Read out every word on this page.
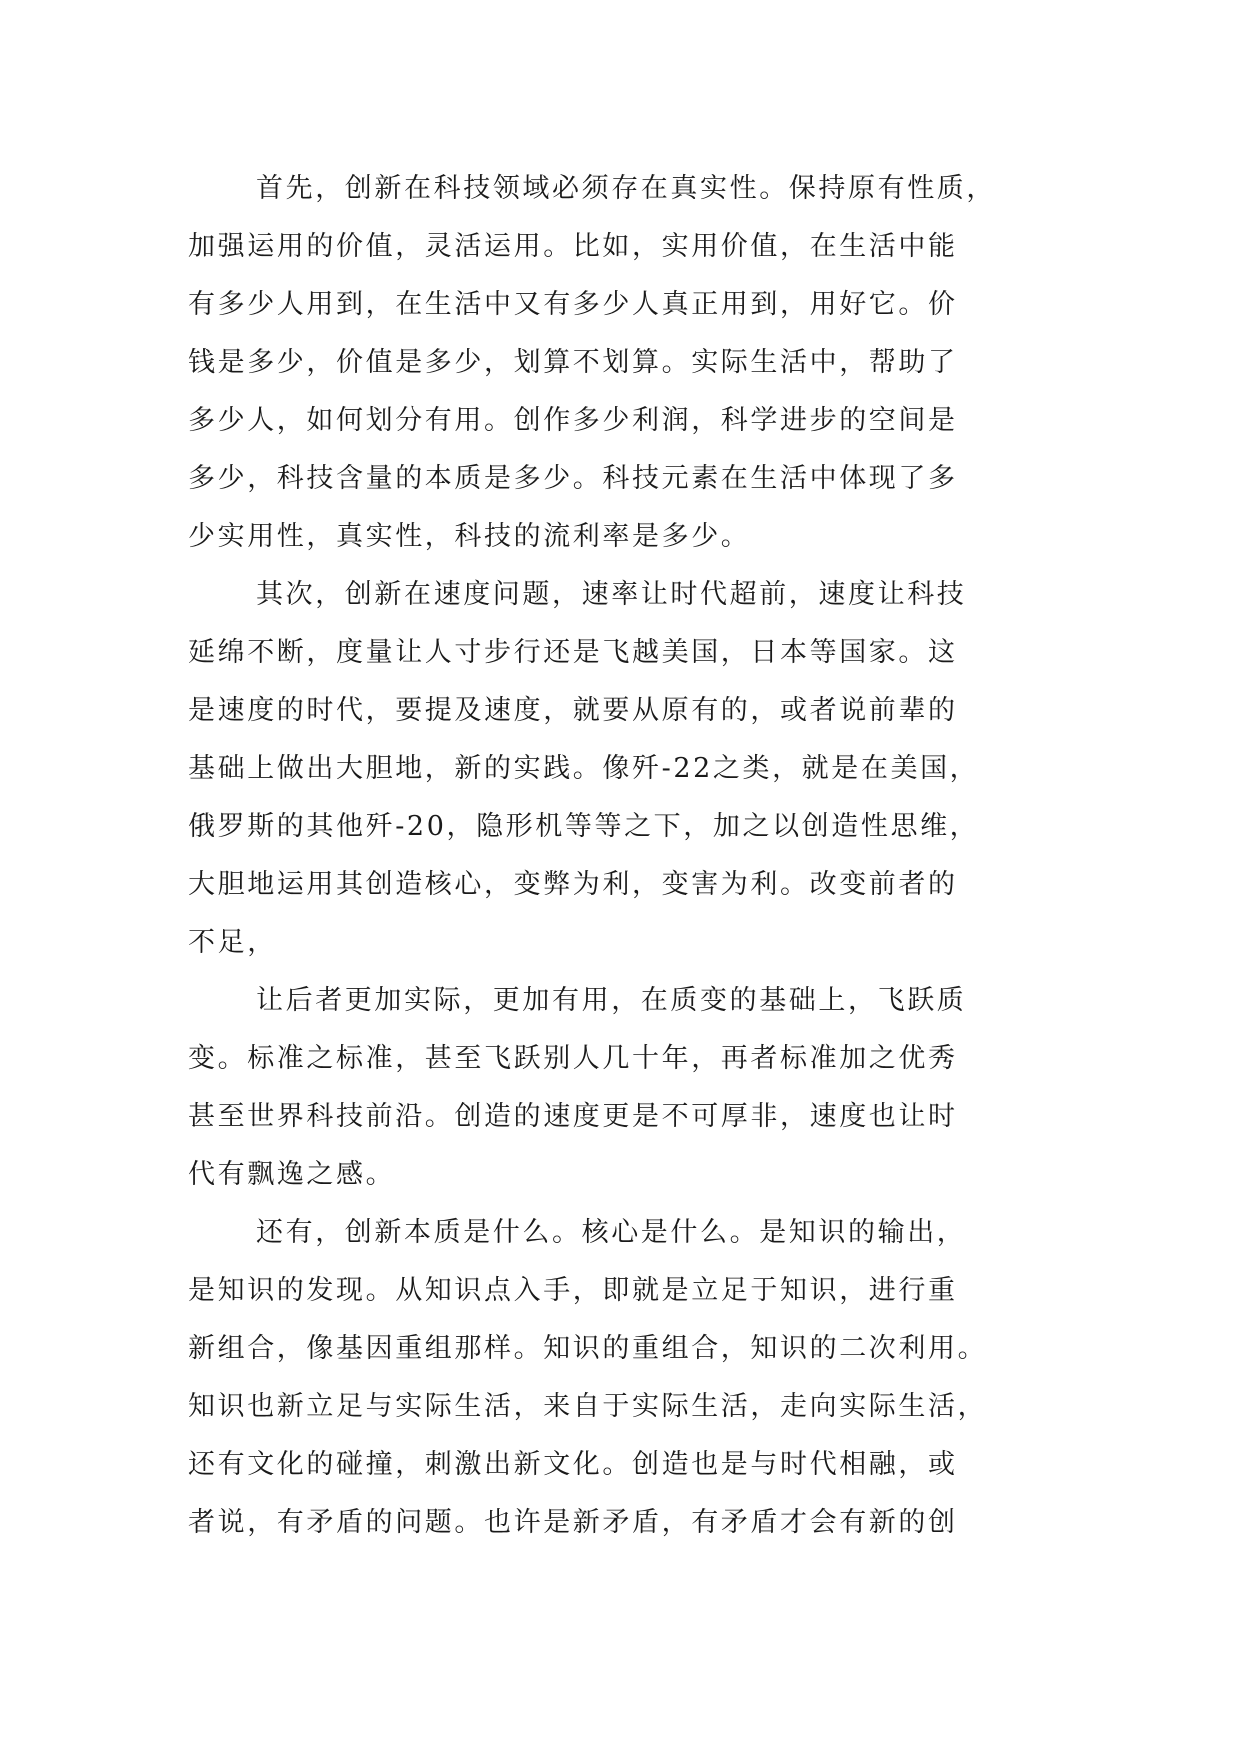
首先，创新在科技领域必须存在真实性。保持原有性质，
加强运用的价值，灵活运用。比如，实用价值，在生活中能
有多少人用到，在生活中又有多少人真正用到，用好它。价
钱是多少，价值是多少，划算不划算。实际生活中，帮助了
多少人，如何划分有用。创作多少利润，科学进步的空间是
多少，科技含量的本质是多少。科技元素在生活中体现了多
少实用性，真实性，科技的流利率是多少。
其次，创新在速度问题，速率让时代超前，速度让科技
延绵不断，度量让人寸步行还是飞越美国，日本等国家。这
是速度的时代，要提及速度，就要从原有的，或者说前辈的
基础上做出大胆地，新的实践。像歼-22之类，就是在美国，
俄罗斯的其他歼-20，隐形机等等之下，加之以创造性思维，
大胆地运用其创造核心，变弊为利，变害为利。改变前者的
不足，
让后者更加实际，更加有用，在质变的基础上，飞跃质
变。标准之标准，甚至飞跃别人几十年，再者标准加之优秀
甚至世界科技前沿。创造的速度更是不可厚非，速度也让时
代有飘逸之感。
还有，创新本质是什么。核心是什么。是知识的输出，
是知识的发现。从知识点入手，即就是立足于知识，进行重
新组合，像基因重组那样。知识的重组合，知识的二次利用。
知识也新立足与实际生活，来自于实际生活，走向实际生活，
还有文化的碰撞，刺激出新文化。创造也是与时代相融，或
者说，有矛盾的问题。也许是新矛盾，有矛盾才会有新的创
